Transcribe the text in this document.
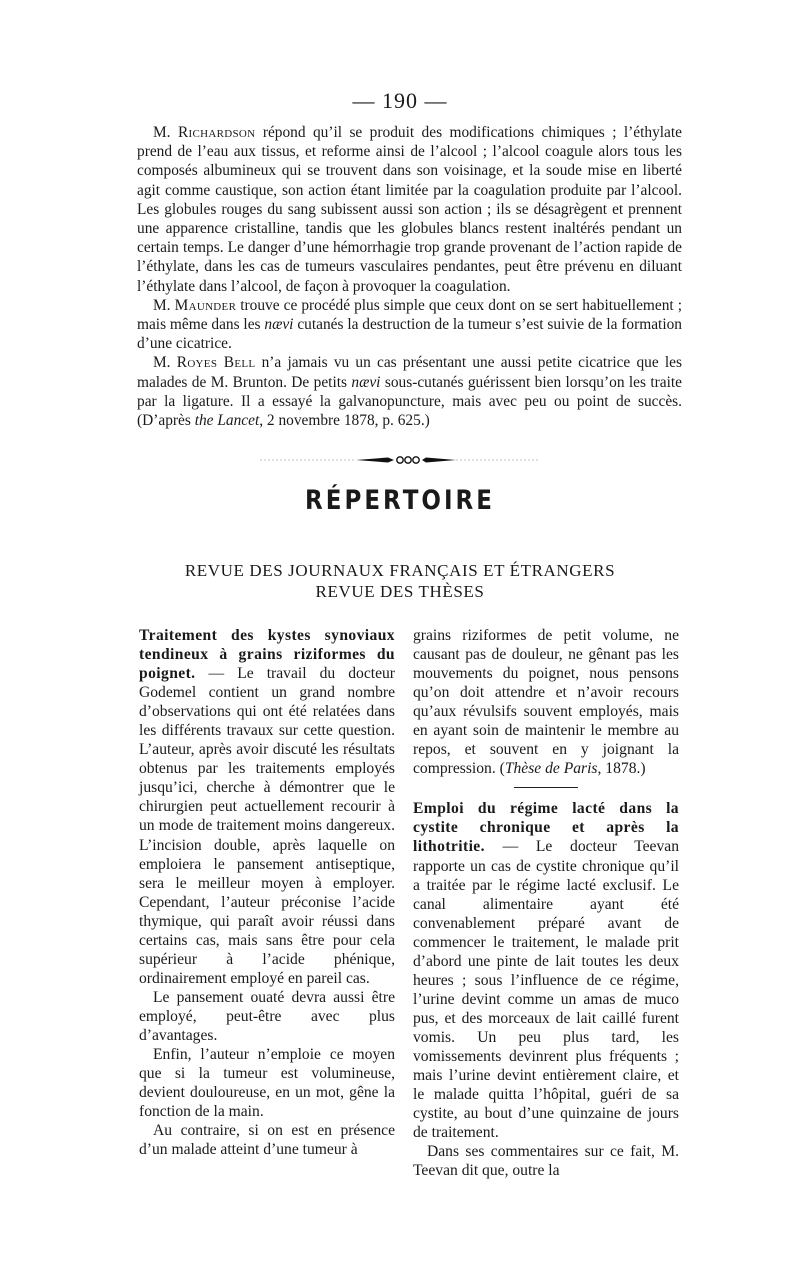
— 190 —

M. Richardson répond qu’il se produit des modifications chimiques ; l’éthylate prend de l’eau aux tissus, et reforme ainsi de l’alcool ; l’alcool coagule alors tous les composés albumineux qui se trouvent dans son voisinage, et la soude mise en liberté agit comme caustique, son action étant limitée par la coagulation produite par l’alcool. Les globules rouges du sang subissent aussi son action ; ils se désagrègent et prennent une apparence cristalline, tandis que les globules blancs restent inaltérés pendant un certain temps. Le danger d’une hémorrhagie trop grande provenant de l’action rapide de l’éthylate, dans les cas de tumeurs vasculaires pendantes, peut être prévenu en diluant l’éthylate dans l’alcool, de façon à provoquer la coagulation.

M. Maunder trouve ce procédé plus simple que ceux dont on se sert habituellement ; mais même dans les nævi cutanés la destruction de la tumeur s’est suivie de la formation d’une cicatrice.

M. Royes Bell n’a jamais vu un cas présentant une aussi petite cicatrice que les malades de M. Brunton. De petits nævi sous-cutanés guérissent bien lorsqu’on les traite par la ligature. Il a essayé la galvanopuncture, mais avec peu ou point de succès. (D’après the Lancet, 2 novembre 1878, p. 625.)

RÉPERTOIRE
REVUE DES JOURNAUX FRANÇAIS ET ÉTRANGERS
REVUE DES THÈSES

Traitement des kystes synoviaux tendineux à grains riziformes du poignet. — Le travail du docteur Godemel contient un grand nombre d’observations qui ont été relatées dans les différents travaux sur cette question. L’auteur, après avoir discuté les résultats obtenus par les traitements employés jusqu’ici, cherche à démontrer que le chirurgien peut actuellement recourir à un mode de traitement moins dangereux. L’incision double, après laquelle on emploiera le pansement antiseptique, sera le meilleur moyen à employer. Cependant, l’auteur préconise l’acide thymique, qui paraît avoir réussi dans certains cas, mais sans être pour cela supérieur à l’acide phénique, ordinairement employé en pareil cas.

Le pansement ouaté devra aussi être employé, peut-être avec plus d’avantages.

Enfin, l’auteur n’emploie ce moyen que si la tumeur est volumineuse, devient douloureuse, en un mot, gêne la fonction de la main.

Au contraire, si on est en présence d’un malade atteint d’une tumeur à

grains riziformes de petit volume, ne causant pas de douleur, ne gênant pas les mouvements du poignet, nous pensons qu’on doit attendre et n’avoir recours qu’aux révulsifs souvent employés, mais en ayant soin de maintenir le membre au repos, et souvent en y joignant la compression. (Thèse de Paris, 1878.)

Emploi du régime lacté dans la cystite chronique et après la lithotritie. — Le docteur Teevan rapporte un cas de cystite chronique qu’il a traitée par le régime lacté exclusif. Le canal alimentaire ayant été convenablement préparé avant de commencer le traitement, le malade prit d’abord une pinte de lait toutes les deux heures ; sous l’influence de ce régime, l’urine devint comme un amas de muco pus, et des morceaux de lait caillé furent vomis. Un peu plus tard, les vomissements devinrent plus fréquents ; mais l’urine devint entièrement claire, et le malade quitta l’hôpital, guéri de sa cystite, au bout d’une quinzaine de jours de traitement.

Dans ses commentaires sur ce fait, M. Teevan dit que, outre la
